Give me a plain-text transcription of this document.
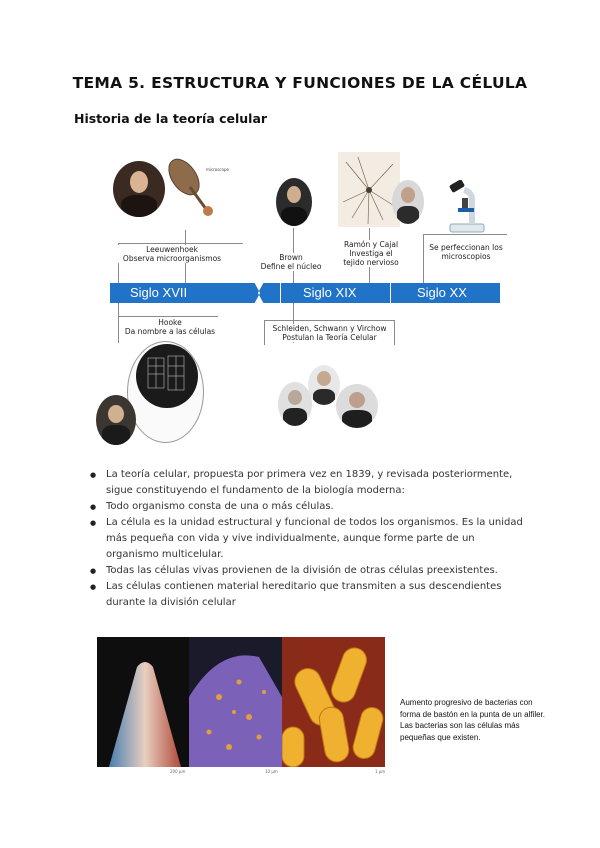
TEMA 5. ESTRUCTURA Y FUNCIONES DE LA CÉLULA
Historia de la teoría celular
microscope
Leeuwenhoek
Observa microorganismos	Brown
Define el núcleo
Ramón y Cajal
Investiga el
tejido nervioso
Se perfeccionan los
microscopios
Siglo XVII	Siglo XIX	Siglo XX
Hooke
Da nombre a las células	Schleiden, Schwann y Virchow
Postulan la Teoría Celular
● La teoría celular, propuesta por primera vez en 1839, y revisada posteriormente, sigue constituyendo el fundamento de la biología moderna:
● Todo organismo consta de una o más células.
● La célula es la unidad estructural y funcional de todos los organismos. Es la unidad más pequeña con vida y vive individualmente, aunque forme parte de un organismo multicelular.
● Todas las células vivas provienen de la división de otras células preexistentes.
● Las células contienen material hereditario que transmiten a sus descendientes durante la división celular
200 µm	10 µm	1 µm
Aumento progresivo de bacterias con forma de bastón en la punta de un alfiler. Las bacterias son las células más pequeñas que existen.
